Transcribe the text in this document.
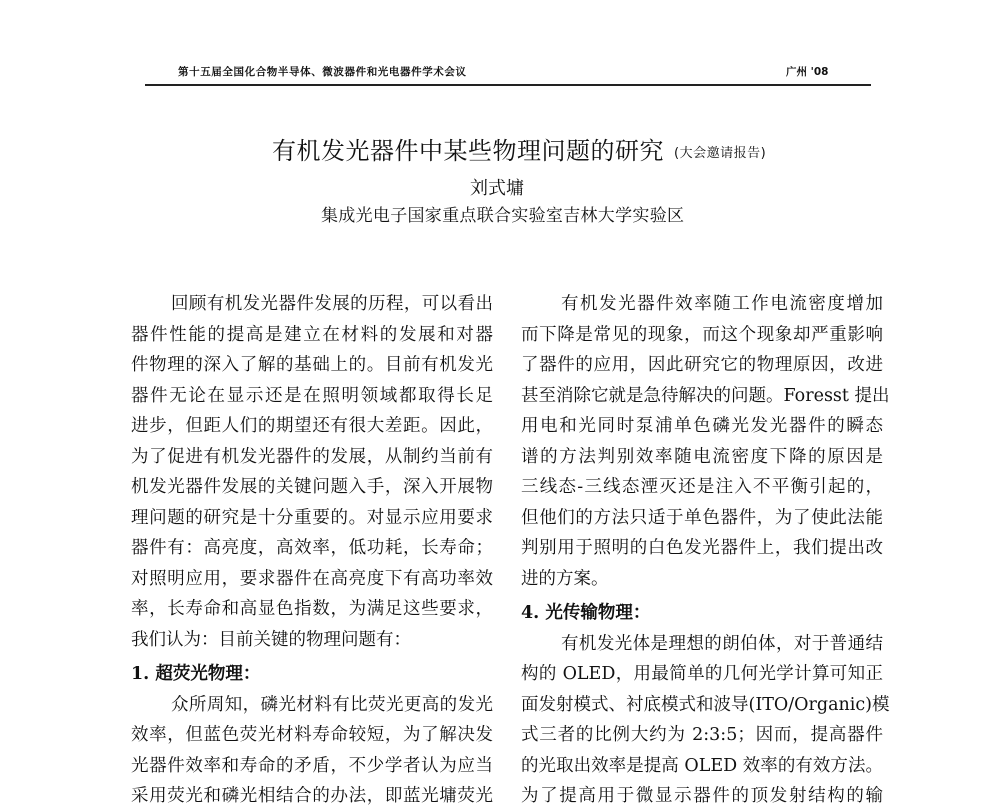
第十五届全国化合物半导体、微波器件和光电器件学术会议	广州 '08
有机发光器件中某些物理问题的研究 (大会邀请报告)
刘式墉
集成光电子国家重点联合实验室吉林大学实验区
回顾有机发光器件发展的历程，可以看出
器件性能的提高是建立在材料的发展和对器
件物理的深入了解的基础上的。目前有机发光
器件无论在显示还是在照明领域都取得长足
进步，但距人们的期望还有很大差距。因此，
为了促进有机发光器件的发展，从制约当前有
机发光器件发展的关键问题入手，深入开展物
理问题的研究是十分重要的。对显示应用要求
器件有：高亮度，高效率，低功耗，长寿命；
对照明应用，要求器件在高亮度下有高功率效
率，长寿命和高显色指数，为满足这些要求，
我们认为：目前关键的物理问题有：
1. 超荧光物理：
众所周知，磷光材料有比荧光更高的发光
效率，但蓝色荧光材料寿命较短，为了解决发
光器件效率和寿命的矛盾，不少学者认为应当
采用荧光和磷光相结合的办法，即蓝光墉荧光
有机发光器件效率随工作电流密度增加
而下降是常见的现象，而这个现象却严重影响
了器件的应用，因此研究它的物理原因，改进
甚至消除它就是急待解决的问题。Foresst 提出
用电和光同时泵浦单色磷光发光器件的瞬态
谱的方法判别效率随电流密度下降的原因是
三线态-三线态湮灭还是注入不平衡引起的，
但他们的方法只适于单色器件，为了使此法能
判别用于照明的白色发光器件上，我们提出改
进的方案。
4. 光传输物理：
有机发光体是理想的朗伯体，对于普通结
构的 OLED，用最简单的几何光学计算可知正
面发射模式、衬底模式和波导(ITO/Organic)模
式三者的比例大约为 2:3:5；因而，提高器件
的光取出效率是提高 OLED 效率的有效方法。
为了提高用于微显示器件的顶发射结构的输
